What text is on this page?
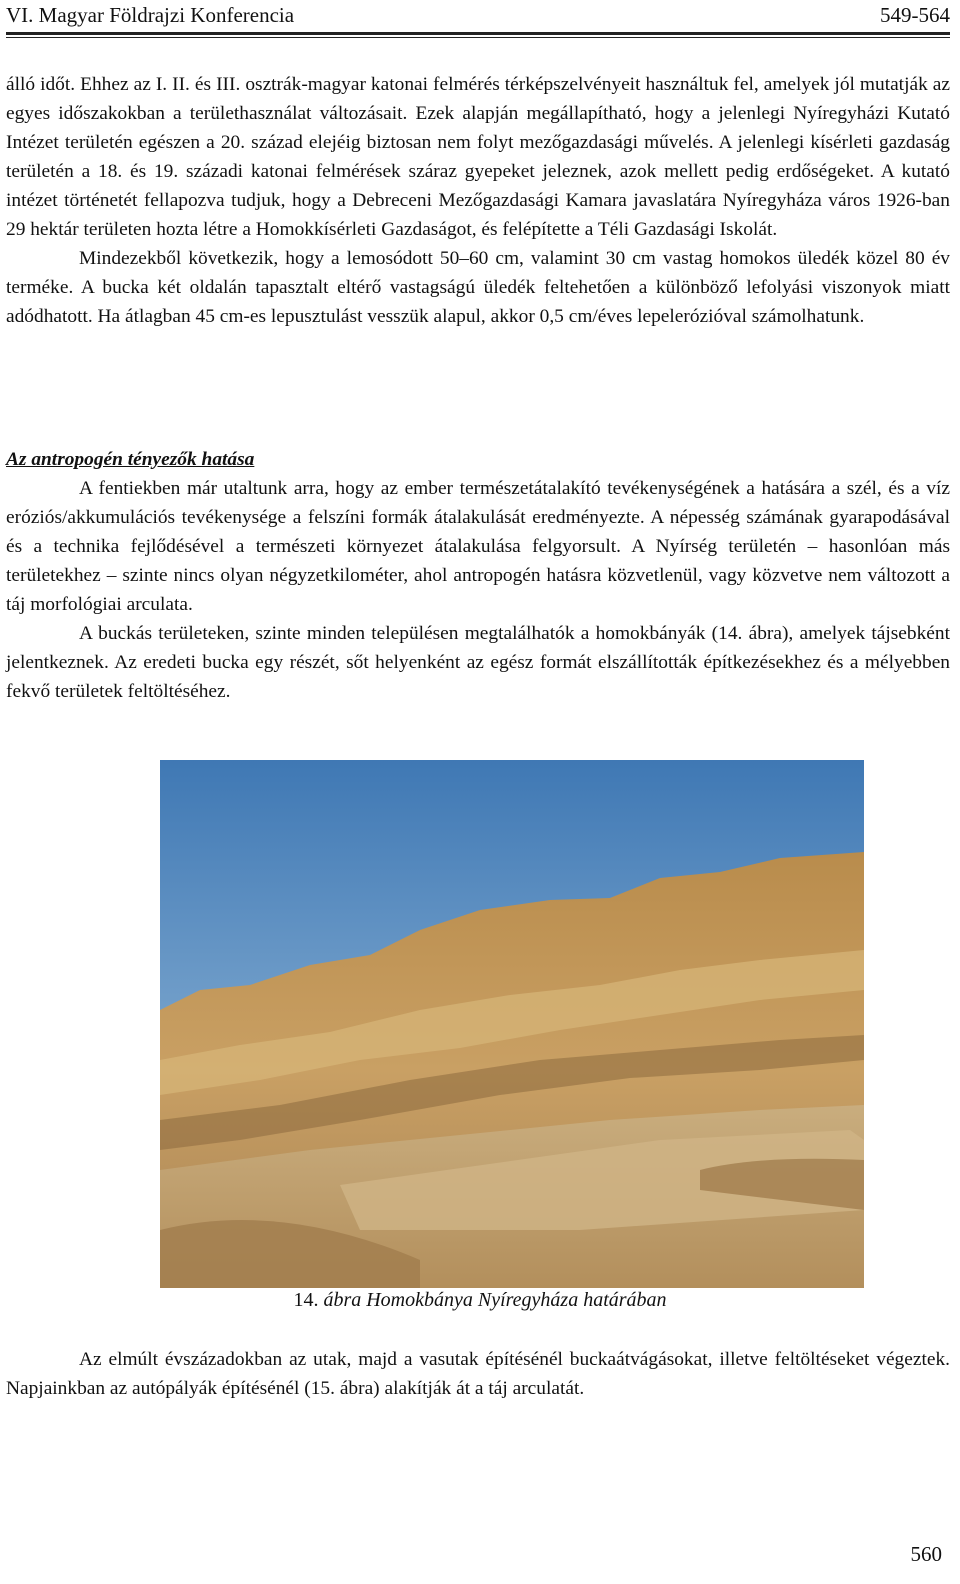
VI. Magyar Földrajzi Konferencia	549-564

álló időt. Ehhez az I. II. és III. osztrák-magyar katonai felmérés térképszelvényeit használtuk fel, amelyek jól mutatják az egyes időszakokban a területhasználat változásait. Ezek alapján megállapítható, hogy a jelenlegi Nyíregyházi Kutató Intézet területén egészen a 20. század elejéig biztosan nem folyt mezőgazdasági művelés. A jelenlegi kísérleti gazdaság területén a 18. és 19. századi katonai felmérések száraz gyepeket jeleznek, azok mellett pedig erdőségeket. A kutató intézet történetét fellapozva tudjuk, hogy a Debreceni Mezőgazdasági Kamara javaslatára Nyíregyháza város 1926-ban 29 hektár területen hozta létre a Homokkísérleti Gazdaságot, és felépítette a Téli Gazdasági Iskolát.

Mindezekből következik, hogy a lemosódott 50–60 cm, valamint 30 cm vastag homokos üledék közel 80 év terméke. A bucka két oldalán tapasztalt eltérő vastagságú üledék feltehetően a különböző lefolyási viszonyok miatt adódhatott. Ha átlagban 45 cm-es lepusztulást vesszük alapul, akkor 0,5 cm/éves lepelerózióval számolhatunk.

Az antropogén tényezők hatása

A fentiekben már utaltunk arra, hogy az ember természetátalakító tevékenységének a hatására a szél, és a víz eróziós/akkumulációs tevékenysége a felszíni formák átalakulását eredményezte. A népesség számának gyarapodásával és a technika fejlődésével a természeti környezet átalakulása felgyorsult. A Nyírség területén – hasonlóan más területekhez – szinte nincs olyan négyzetkilométer, ahol antropogén hatásra közvetlenül, vagy közvetve nem változott a táj morfológiai arculata.

A buckás területeken, szinte minden településen megtalálhatók a homokbányák (14. ábra), amelyek tájsebként jelentkeznek. Az eredeti bucka egy részét, sőt helyenként az egész formát elszállították építkezésekhez és a mélyebben fekvő területek feltöltéséhez.

14. ábra Homokbánya Nyíregyháza határában

Az elmúlt évszázadokban az utak, majd a vasutak építésénél buckaátvágásokat, illetve feltöltéseket végeztek. Napjainkban az autópályák építésénél (15. ábra) alakítják át a táj arculatát.

560
